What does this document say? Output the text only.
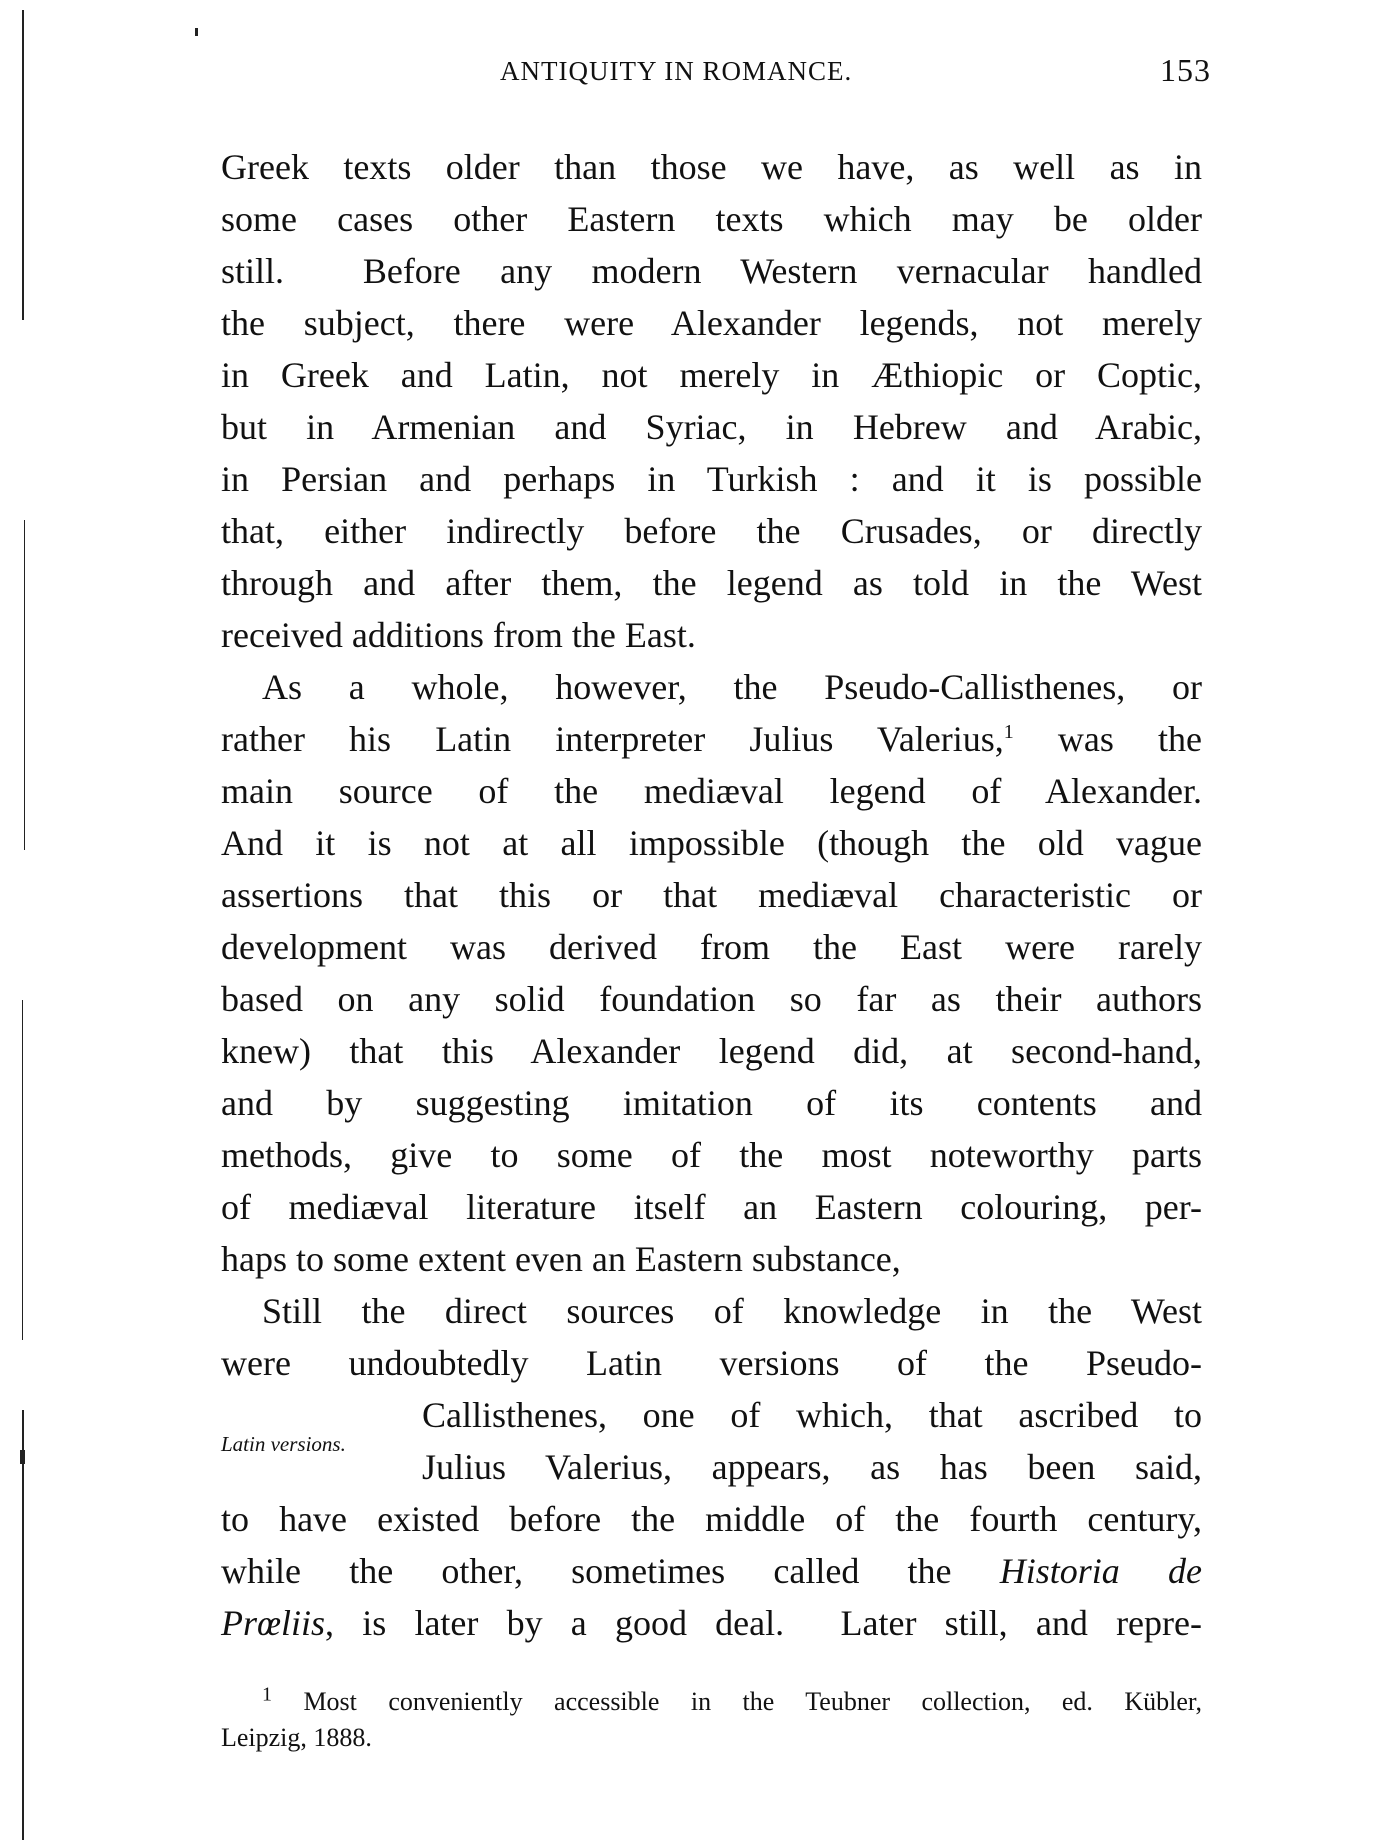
ANTIQUITY IN ROMANCE.	153
Greek texts older than those we have, as well as in
some cases other Eastern texts which may be older
still.  Before any modern Western vernacular handled
the subject, there were Alexander legends, not merely
in Greek and Latin, not merely in Æthiopic or Coptic,
but in Armenian and Syriac, in Hebrew and Arabic,
in Persian and perhaps in Turkish : and it is possible
that, either indirectly before the Crusades, or directly
through and after them, the legend as told in the West
received additions from the East.
As a whole, however, the Pseudo-Callisthenes, or
rather his Latin interpreter Julius Valerius,$^1$ was the
main source of the mediæval legend of Alexander.
And it is not at all impossible (though the old vague
assertions that this or that mediæval characteristic or
development was derived from the East were rarely
based on any solid foundation so far as their authors
knew) that this Alexander legend did, at second-hand,
and by suggesting imitation of its contents and
methods, give to some of the most noteworthy parts
of mediæval literature itself an Eastern colouring, per-
haps to some extent even an Eastern substance,
Still the direct sources of knowledge in the West
were undoubtedly Latin versions of the Pseudo-
Callisthenes, one of which, that ascribed to
Julius Valerius, appears, as has been said,
to have existed before the middle of the fourth century,
while the other, sometimes called the Historia de
Prœliis, is later by a good deal.  Later still, and repre-
Latin versions.
$^1$ Most conveniently accessible in the Teubner collection, ed. Kübler,
Leipzig, 1888.
